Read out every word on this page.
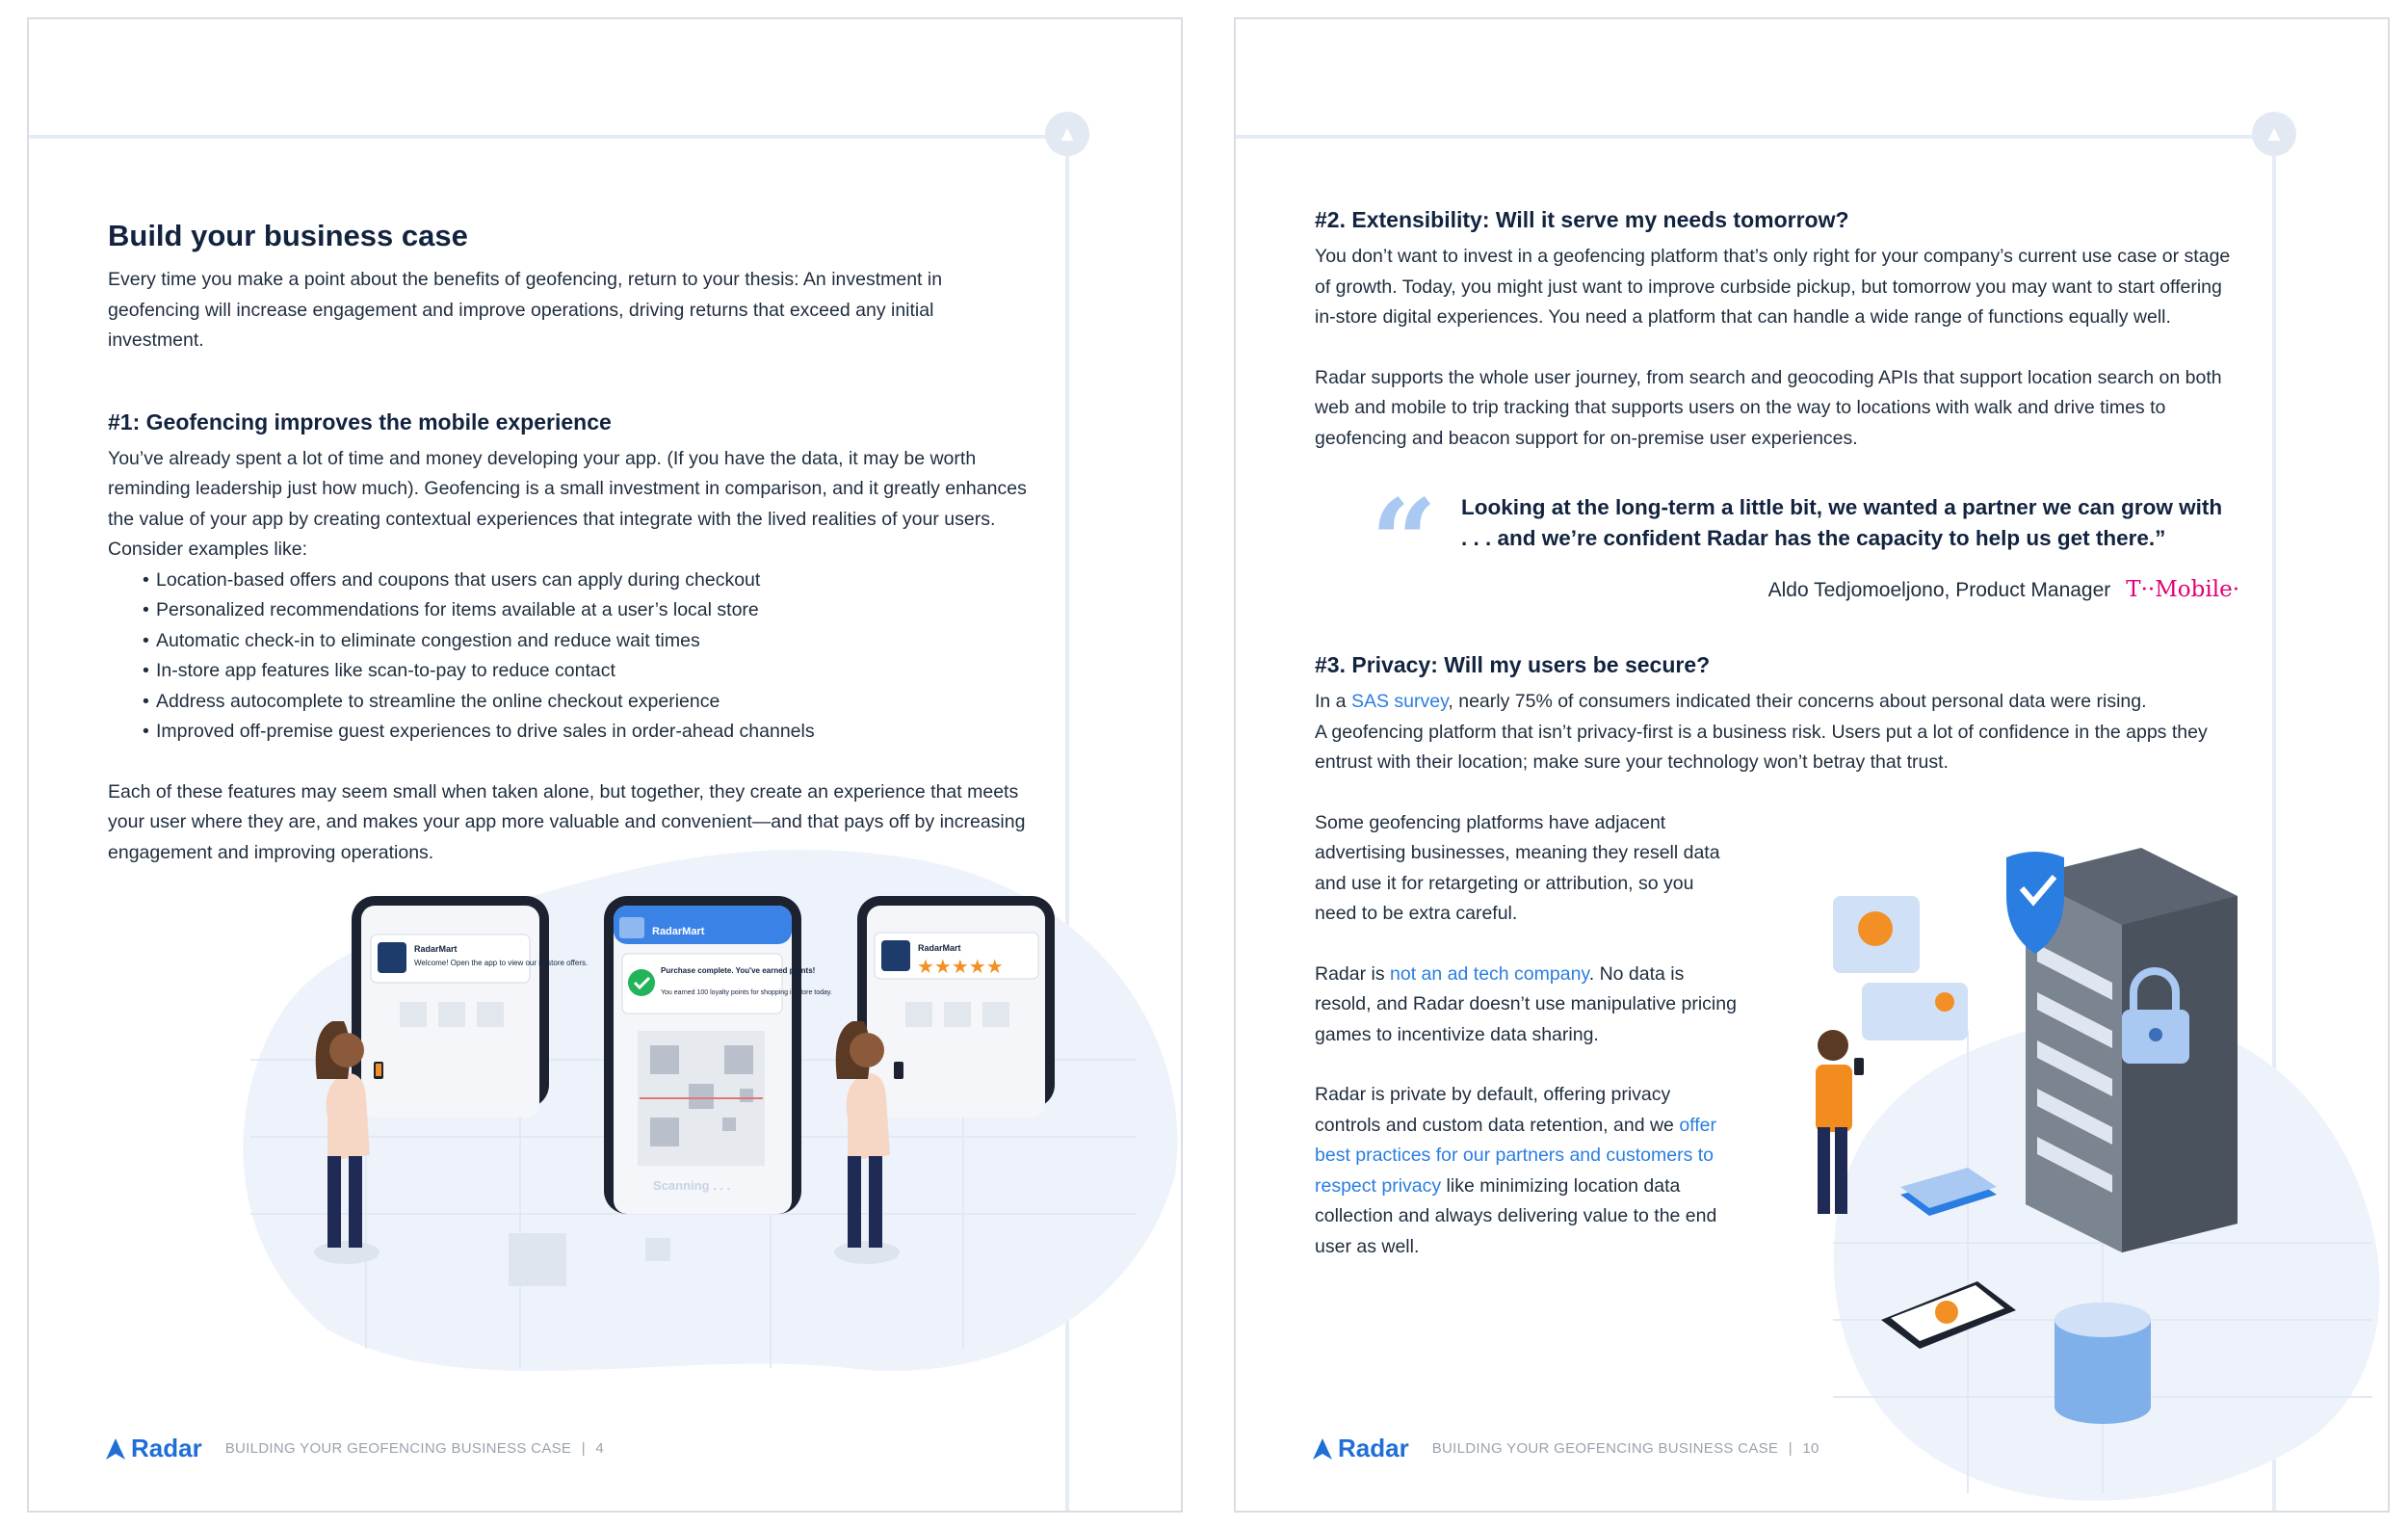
▲
Build your business case

Every time you make a point about the benefits of geofencing, return to your thesis: An investment in geofencing will increase engagement and improve operations, driving returns that exceed any initial investment.

#1: Geofencing improves the mobile experience

You’ve already spent a lot of time and money developing your app. (If you have the data, it may be worth reminding leadership just how much). Geofencing is a small investment in comparison, and it greatly enhances the value of your app by creating contextual experiences that integrate with the lived realities of your users. Consider examples like:

• Location-based offers and coupons that users can apply during checkout
• Personalized recommendations for items available at a user’s local store
• Automatic check-in to eliminate congestion and reduce wait times
• In-store app features like scan-to-pay to reduce contact
• Address autocomplete to streamline the online checkout experience
• Improved off-premise guest experiences to drive sales in order-ahead channels

Each of these features may seem small when taken alone, but together, they create an experience that meets your user where they are, and makes your app more valuable and convenient—and that pays off by increasing engagement and improving operations.

RadarMart
Welcome! Open the app to view our in-store offers.
RadarMart
Purchase complete. You've earned points!
You earned 100 loyalty points for shopping in-store today.
Scanning . . .
RadarMart
★★★★★
Radar BUILDING YOUR GEOFENCING BUSINESS CASE | 4
▲
#2. Extensibility: Will it serve my needs tomorrow?

You don’t want to invest in a geofencing platform that’s only right for your company’s current use case or stage of growth. Today, you might just want to improve curbside pickup, but tomorrow you may want to start offering in-store digital experiences. You need a platform that can handle a wide range of functions equally well.

Radar supports the whole user journey, from search and geocoding APIs that support location search on both web and mobile to trip tracking that supports users on the way to locations with walk and drive times to geofencing and beacon support for on-premise user experiences.

“ Looking at the long-term a little bit, we wanted a partner we can grow with . . . and we’re confident Radar has the capacity to help us get there.”
Aldo Tedjomoeljono, Product Manager T··Mobile·
#3. Privacy: Will my users be secure?

In a SAS survey, nearly 75% of consumers indicated their concerns about personal data were rising.
A geofencing platform that isn’t privacy-first is a business risk. Users put a lot of confidence in the apps they entrust with their location; make sure your technology won’t betray that trust.

Some geofencing platforms have adjacent advertising businesses, meaning they resell data and use it for retargeting or attribution, so you need to be extra careful.

Radar is not an ad tech company. No data is resold, and Radar doesn’t use manipulative pricing games to incentivize data sharing.

Radar is private by default, offering privacy controls and custom data retention, and we offer best practices for our partners and customers to respect privacy like minimizing location data collection and always delivering value to the end user as well.

Radar BUILDING YOUR GEOFENCING BUSINESS CASE | 10
